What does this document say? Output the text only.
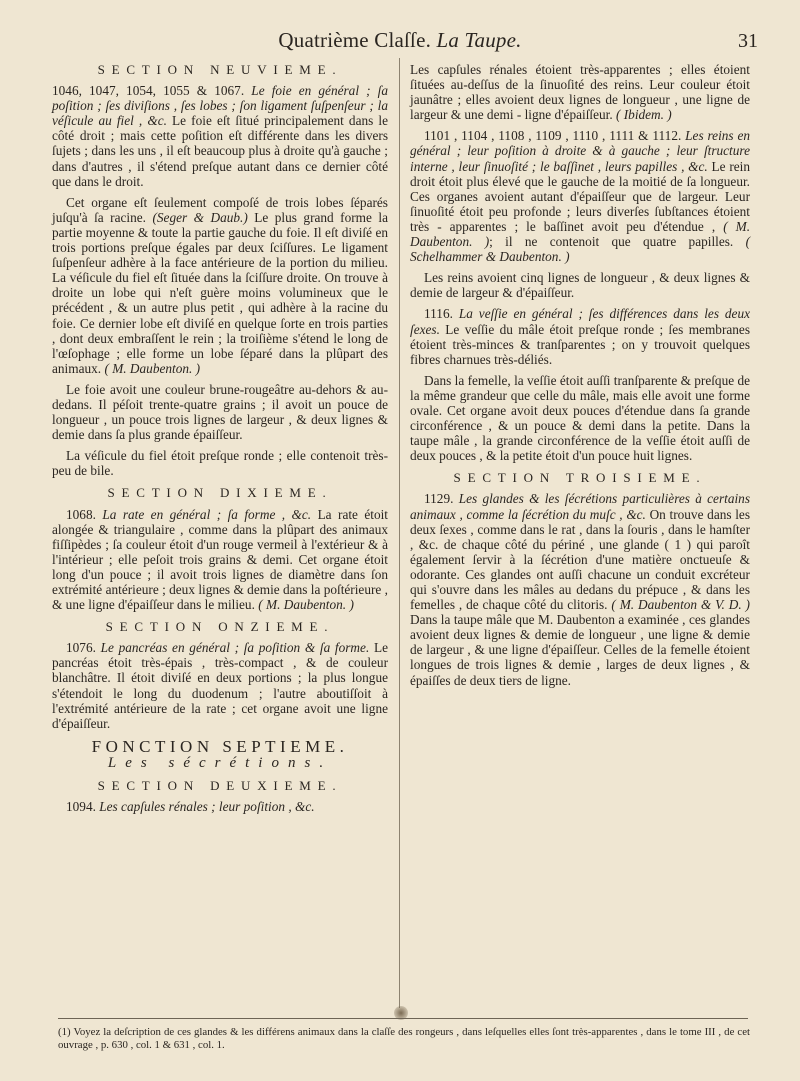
Quatrième Claſſe. La Taupe.	31
SECTION NEUVIEME.

1046, 1047, 1054, 1055 & 1067. Le foie en général ; ſa poſition ; ſes diviſions , ſes lobes ; ſon ligament ſuſpenſeur ; la véſicule au fiel , &c. Le foie eſt ſitué principalement dans le côté droit ; mais cette poſition eſt différente dans les divers ſujets ; dans les uns , il eſt beaucoup plus à droite qu'à gauche ; dans d'autres , il s'étend preſque autant dans ce dernier côté que dans le droit.

Cet organe eſt ſeulement compoſé de trois lobes ſéparés juſqu'à ſa racine. (Seger & Daub.) Le plus grand forme la partie moyenne & toute la partie gauche du foie. Il eſt diviſé en trois portions preſque égales par deux ſciſſures. Le ligament ſuſpenſeur adhère à la face antérieure de la portion du milieu. La véſicule du fiel eſt ſituée dans la ſciſſure droite. On trouve à droite un lobe qui n'eſt guère moins volumineux que le précédent , & un autre plus petit , qui adhère à la racine du foie. Ce dernier lobe eſt diviſé en quelque ſorte en trois parties , dont deux embraſſent le rein ; la troiſième s'étend le long de l'œſophage ; elle forme un lobe ſéparé dans la plûpart des animaux. ( M. Daubenton. )

Le foie avoit une couleur brune-rougeâtre au-dehors & au-dedans. Il péſoit trente-quatre grains ; il avoit un pouce de longueur , un pouce trois lignes de largeur , & deux lignes & demie dans ſa plus grande épaiſſeur.

La véſicule du fiel étoit preſque ronde ; elle contenoit très-peu de bile.

SECTION DIXIEME.

1068. La rate en général ; ſa forme , &c. La rate étoit alongée & triangulaire , comme dans la plûpart des animaux fiſſipèdes ; ſa couleur étoit d'un rouge vermeil à l'extérieur & à l'intérieur ; elle peſoit trois grains & demi. Cet organe étoit long d'un pouce ; il avoit trois lignes de diamètre dans ſon extrémité antérieure ; deux lignes & demie dans la poſtérieure , & une ligne d'épaiſſeur dans le milieu. ( M. Daubenton. )

SECTION ONZIEME.

1076. Le pancréas en général ; ſa poſition & ſa forme. Le pancréas étoit très-épais , très-compact , & de couleur blanchâtre. Il étoit diviſé en deux portions ; la plus longue s'étendoit le long du duodenum ; l'autre aboutiſſoit à l'extrémité antérieure de la rate ; cet organe avoit une ligne d'épaiſſeur.

FONCTION SEPTIEME.
Les sécrétions.
SECTION DEUXIEME.

1094. Les capſules rénales ; leur poſition , &c.

Les capſules rénales étoient très-apparentes ; elles étoient ſituées au-deſſus de la ſinuoſité des reins. Leur couleur étoit jaunâtre ; elles avoient deux lignes de longueur , une ligne de largeur & une demi - ligne d'épaiſſeur. ( Ibidem. )

1101 , 1104 , 1108 , 1109 , 1110 , 1111 & 1112. Les reins en général ; leur poſition à droite & à gauche ; leur ſtructure interne , leur ſinuoſité ; le baſſinet , leurs papilles , &c. Le rein droit étoit plus élevé que le gauche de la moitié de ſa longueur. Ces organes avoient autant d'épaiſſeur que de largeur. Leur ſinuoſité étoit peu profonde ; leurs diverſes ſubſtances étoient très - apparentes ; le baſſinet avoit peu d'étendue , ( M. Daubenton. ); il ne contenoit que quatre papilles. ( Schelhammer & Daubenton. )

Les reins avoient cinq lignes de longueur , & deux lignes & demie de largeur & d'épaiſſeur.

1116. La veſſie en général ; ſes différences dans les deux ſexes. Le veſſie du mâle étoit preſque ronde ; ſes membranes étoient très-minces & tranſparentes ; on y trouvoit quelques fibres charnues très-déliés.

Dans la femelle, la veſſie étoit auſſi tranſparente & preſque de la même grandeur que celle du mâle, mais elle avoit une forme ovale. Cet organe avoit deux pouces d'étendue dans ſa grande circonférence , & un pouce & demi dans la petite. Dans la taupe mâle , la grande circonférence de la veſſie étoit auſſi de deux pouces , & la petite étoit d'un pouce huit lignes.

SECTION TROISIEME.

1129. Les glandes & les ſécrétions particulières à certains animaux , comme la ſécrétion du muſc , &c. On trouve dans les deux ſexes , comme dans le rat , dans la ſouris , dans le hamſter , &c. de chaque côté du périné , une glande ( 1 ) qui paroît également ſervir à la ſécrétion d'une matière onctueuſe & odorante. Ces glandes ont auſſi chacune un conduit excréteur qui s'ouvre dans les mâles au dedans du prépuce , & dans les femelles , de chaque côté du clitoris. ( M. Daubenton & V. D. ) Dans la taupe mâle que M. Daubenton a examinée , ces glandes avoient deux lignes & demie de longueur , une ligne & demie de largeur , & une ligne d'épaiſſeur. Celles de la femelle étoient longues de trois lignes & demie , larges de deux lignes , & épaiſſes de deux tiers de ligne.

(1) Voyez la deſcription de ces glandes & les différens animaux dans la claſſe des rongeurs , dans leſquelles elles ſont très-apparentes , dans le tome III , de cet ouvrage , p. 630 , col. 1 & 631 , col. 1.
